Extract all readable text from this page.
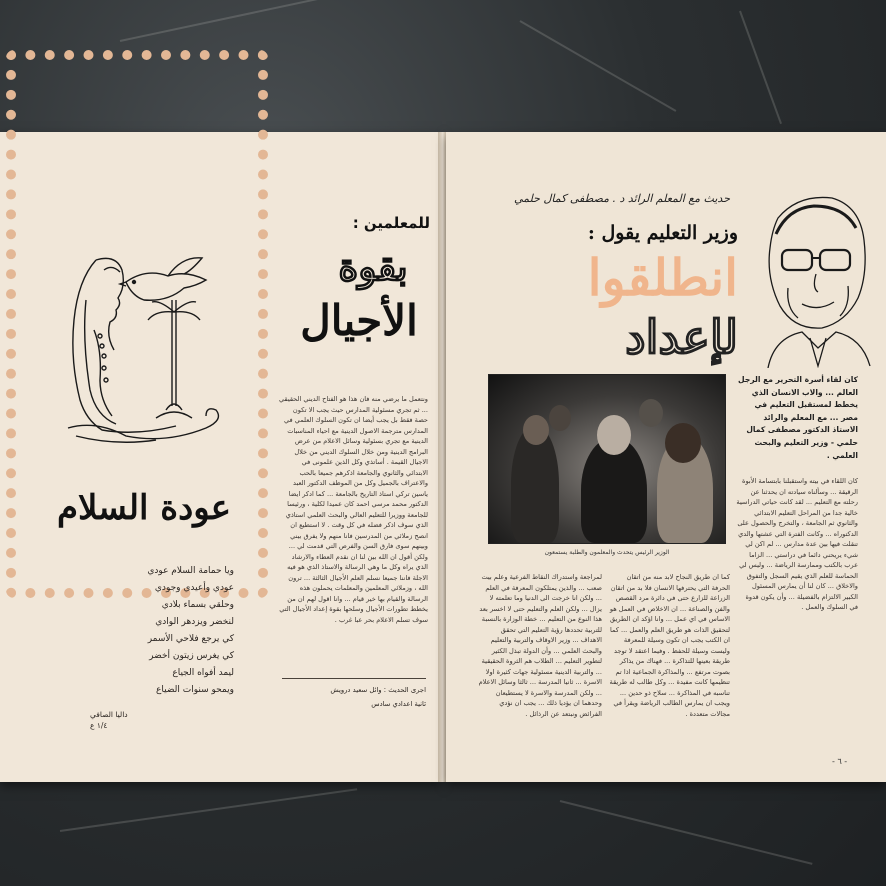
عودة السلام
ويا حمامة السلام عودي
عودي وأعيدي وجودي
وحلقي بسماء بلادي
لنخضر ويزدهر الوادي
كي يرجع فلاحي الأسمر
كي يغرس زيتون أخضر
ليمد أفواه الجياع
ويمحو سنوات الضياع
داليا الصافي
١/٤ ع
للمعلمين :
بقوة
الأجيال
ونتعمل ما يرضي منه فان هذا هو الفتاح الديني الحقيقي ... ثم تجري مسئولية المدارس حيث يجب الا تكون حصة فقط بل يجب أيضا ان تكون السلوك العلمي في المدارس مترجمة الاصول الدينية مع احياء المناسبات الدينية مع تجري بسئولية وسائل الاعلام من عرض البرامج الدينية ومن خلال السلوك الديني من خلال الاجيال القيمة . أساتذي وكل الذين علمونی في الابتدائي والثانوي والجامعة اذكرهم جميعا بالحب والاعتراف بالجميل وكل من الموظف الدكتور العبد ياسين تركي استاذ التاريخ بالجامعة ... كما ادكر ايضا الدكتور محمد مرسي احمد كان عميدا لكلية ، ورئيسا للجامعة ووزيرا للتعليم العالي والبحث العلمي استاذي الذي سوف اذكر فضله في كل وقت . لا استطيع ان انصح زملائي من المدرسين فانا منهم ولا يفرق بيني وبينهم سوى فارق السن والفرص التي قدمت لي ... ولكن أقول ان الله بين لنا ان نقدم العطاء والارشاد الذي يراه وكل ما وهي الرسالة والاستاذ الذي هو فيه الاجلة فاننا جميعا نسلم العلم الأجيال الثالثة ... ترون الله ، وزملائي المعلمين والمعلمات يحملون هذه الرسالة والقيام بها خير قيام ... وانا اقول لهم ان من يخطط تطورات الأجيال وسلحها بقوة إعداد الأجيال التي سوف تسلم الاعلام بحر عبا غرب .
اجرى الحديث : وائل سعيد درويش
ثانية اعدادي سادس
حديث مع المعلم الرائد د . مصطفى كمال حلمي
وزير التعليم يقول :
انطلقوا
لإعداد
الوزير الرئيس يتحدث والمعلمون والطلبة يستمعون
كان لقاء أسرة التحرير مع الرجل العالم ... والاب الانسان الذي يخطط لمستقبل التعليم في مصر ... مع المعلم والرائد الاستاذ الدكتور مصطفى كمال حلمي - وزير التعليم والبحث العلمي .
كان اللقاء في بيته واستقبلنا بابتسامة الأبوة الرقيقة ... وسألناه سيادته ان يحدثنا عن رحلته مع التعليم ... لقد كانت حياتي الدراسية خالية جدا من المراحل التعليم الابتدائي والثانوي ثم الجامعة ، والتخرج والحصول على الدكتوراه ... وكانت الفترة التي عشتها والدي تنقلت فيها بين عدة مدارس ... لم اكن لي شيء يريحني دائما في دراستي ... الزاما عرب بالكتب وممارسة الرياضة ... وليس لي الحماسة للعلم الذي يقيم السجل والتفوق والاخلاق ... كان لنا أن يمارس المسئول الكبير الالتزام بالفضيلة ... وأن يكون قدوة في السلوك والعمل .
كما ان طريق النجاح لابد منه من اتقان الحرفة التي يحترفها الانسان فلا بد من اتقان الزراعة للزارع حتى في دائرة مرد القصص والفن والصناعة ... ان الاخلاص في العمل هو الاساس في اي عمل ... وانا اؤكد ان الطريق لتحقيق الذات هو طريق العلم والعمل ... كما ان الكتب يجب ان تكون وسيلة للمعرفة وليست وسيلة للحفظ . وفيما اعتقد لا توجد طريقة بعينها للتذاكرة ... فهناك من يذاكر بصوت مرتفع ... والمذاكرة الجماعية اذا تم تنظيمها كانت مفيدة ... وكل طالب له طريقة تناسبه في المذاكرة ... سلاح ذو حدين ... ويجب ان يمارس الطالب الرياضة ويقرأ في مجالات متعددة .
لمراجعة واستدراك النقاط الفرعية وعلم بيت صعب ... والذين يمتلكون المعرفة في العلم ... ولكن انا خرجت الى الدنيا وما تعلمته لا يزال ... ولكن العلم والتعليم حتى لا اخسر بعد هذا النوع من التعليم ... خطة الوزارة بالنسبة للتربية تحددها رؤية التعليم التي تحقق الاهداف ... وزير الاوقاف والتربية والتعليم والبحث العلمي ... وأن الدولة تبذل الكثير لتطوير التعليم ... الطلاب هم الثروة الحقيقية ... والتربية الدينية مسئولية جهات كثيرة اولا الاسرة ... ثانيا المدرسة ... ثالثا وسائل الاعلام ... ولكن المدرسة والاسرة لا يستطيعان وحدهما ان يؤديا ذلك ... يجب ان نؤدي الفرائض ونبتعد عن الرذائل .
- ٦ -
